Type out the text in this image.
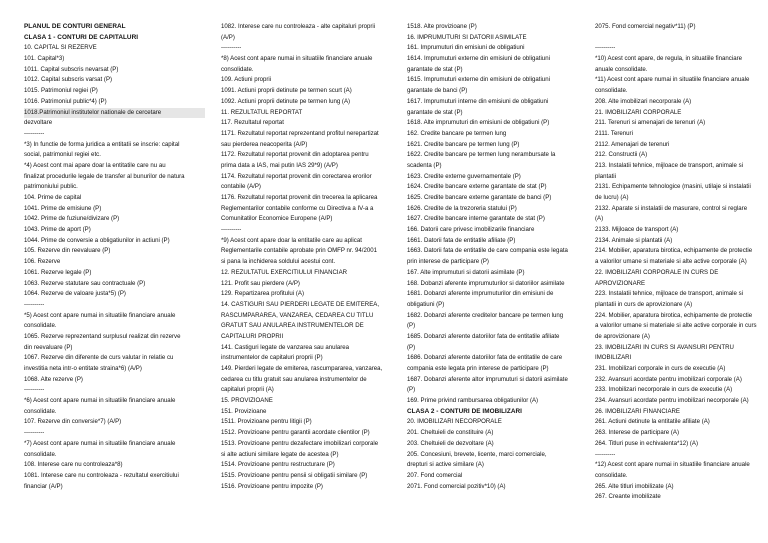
PLANUL DE CONTURI GENERAL
CLASA 1 - CONTURI DE CAPITALURI
10. CAPITAL SI REZERVE
101. Capital*3)
1011. Capital subscris nevarsat (P)
1012. Capital subscris varsat (P)
1015. Patrimoniul regiei (P)
1016. Patrimoniul public*4) (P)
1018.Patrimoniul institutelor nationale de cercetare
dezvoltare
----------
*3) In functie de forma juridica a entitatii se inscrie: capital
social, patrimoniul regiei etc.
*4) Acest cont mai apare doar la entitatile care nu au
finalizat procedurile legale de transfer al bunurilor de natura
patrimoniului public.
104. Prime de capital
1041. Prime de emisiune (P)
1042. Prime de fuziune/divizare (P)
1043. Prime de aport (P)
1044. Prime de conversie a obligatiunilor in actiuni (P)
105. Rezerve din reevaluare (P)
106. Rezerve
1061. Rezerve legale (P)
1063. Rezerve statutare sau contractuale (P)
1064. Rezerve de valoare justa*5) (P)
----------
*5) Acest cont apare numai in situatiile financiare anuale
consolidate.
1065. Rezerve reprezentand surplusul realizat din rezerve
din reevaluare (P)
1067. Rezerve din diferente de curs valutar in relatie cu
investitia neta intr-o entitate straina*6) (A/P)
1068. Alte rezerve (P)
----------
*6) Acest cont apare numai in situatiile financiare anuale
consolidate.
107. Rezerve din conversie*7) (A/P)
----------
*7) Acest cont apare numai in situatiile financiare anuale
consolidate.
108. Interese care nu controleaza*8)
1081. Interese care nu controleaza - rezultatul exercitiului
financiar (A/P)
1082. Interese care nu controleaza - alte capitaluri proprii
(A/P)
----------
*8) Acest cont apare numai in situatiile financiare anuale
consolidate.
109. Actiuni proprii
1091. Actiuni proprii detinute pe termen scurt (A)
1092. Actiuni proprii detinute pe termen lung (A)
11. REZULTATUL REPORTAT
117. Rezultatul reportat
1171. Rezultatul reportat reprezentand profitul nerepartizat
sau pierderea neacoperita (A/P)
1172. Rezultatul reportat provenit din adoptarea pentru
prima data a IAS, mai putin IAS 29*9) (A/P)
1174. Rezultatul reportat provenit din corectarea erorilor
contabile (A/P)
1176. Rezultatul reportat provenit din trecerea la aplicarea
Reglementarilor contabile conforme cu Directiva a IV-a a
Comunitatilor Economice Europene (A/P)
----------
*9) Acest cont apare doar la entitatile care au aplicat
Reglementarile contabile aprobate prin OMFP nr. 94/2001
si pana la inchiderea soldului acestui cont.
12. REZULTATUL EXERCITIULUI FINANCIAR
121. Profit sau pierdere (A/P)
129. Repartizarea profitului (A)
14. CASTIGURI SAU PIERDERI LEGATE DE EMITEREA,
RASCUMPARAREA, VANZAREA, CEDAREA CU TITLU
GRATUIT SAU ANULAREA INSTRUMENTELOR DE
CAPITALURI PROPRII
141. Castiguri legate de vanzarea sau anularea
instrumentelor de capitaluri proprii (P)
149. Pierderi legate de emiterea, rascumpararea, vanzarea,
cedarea cu titlu gratuit sau anularea instrumentelor de
capitaluri proprii (A)
15. PROVIZIOANE
151. Provizioane
1511. Provizioane pentru litigii (P)
1512. Provizioane pentru garantii acordate clientilor (P)
1513. Provizioane pentru dezafectare imobilizari corporale
si alte actiuni similare legate de acestea (P)
1514. Provizioane pentru restructurare (P)
1515. Provizioane pentru pensii si obligatii similare (P)
1516. Provizioane pentru impozite (P)
1518. Alte provizioane (P)
16. IMPRUMUTURI SI DATORII ASIMILATE
161. Imprumuturi din emisiuni de obligatiuni
1614. Imprumuturi externe din emisiuni de obligatiuni
garantate de stat (P)
1615. Imprumuturi externe din emisiuni de obligatiuni
garantate de banci (P)
1617. Imprumuturi interne din emisiuni de obligatiuni
garantate de stat (P)
1618. Alte imprumuturi din emisiuni de obligatiuni (P)
162. Credite bancare pe termen lung
1621. Credite bancare pe termen lung (P)
1622. Credite bancare pe termen lung nerambursate la
scadenta (P)
1623. Credite externe guvernamentale (P)
1624. Credite bancare externe garantate de stat (P)
1625. Credite bancare externe garantate de banci (P)
1626. Credite de la trezoreria statului (P)
1627. Credite bancare interne garantate de stat (P)
166. Datorii care privesc imobilizarile financiare
1661. Datorii fata de entitatile afiliate (P)
1663. Datorii fata de entitatile de care compania este legata
prin interese de participare (P)
167. Alte imprumuturi si datorii asimilate (P)
168. Dobanzi aferente imprumuturilor si datoriilor asimilate
1681. Dobanzi aferente imprumuturilor din emisiuni de
obligatiuni (P)
1682. Dobanzi aferente creditelor bancare pe termen lung
(P)
1685. Dobanzi aferente datoriilor fata de entitatile afiliate
(P)
1686. Dobanzi aferente datoriilor fata de entitatile de care
compania este legata prin interese de participare (P)
1687. Dobanzi aferente altor imprumuturi si datorii asimilate
(P)
169. Prime privind rambursarea obligatiunilor (A)
CLASA 2 - CONTURI DE IMOBILIZARI
20. IMOBILIZARI NECORPORALE
201. Cheltuieli de constituire (A)
203. Cheltuieli de dezvoltare (A)
205. Concesiuni, brevete, licente, marci comerciale,
drepturi si active similare (A)
207. Fond comercial
2071. Fond comercial pozitiv*10) (A)
2075. Fond comercial negativ*11) (P)
----------
*10) Acest cont apare, de regula, in situatiile financiare
anuale consolidate.
*11) Acest cont apare numai in situatiile financiare anuale
consolidate.
208. Alte imobilizari necorporale (A)
21. IMOBILIZARI CORPORALE
211. Terenuri si amenajari de terenuri (A)
2111. Terenuri
2112. Amenajari de terenuri
212. Constructii (A)
213. Instalatii tehnice, mijloace de transport, animale si
plantatii
2131. Echipamente tehnologice (masini, utilaje si instalatii
de lucru) (A)
2132. Aparate si instalatii de masurare, control si reglare
(A)
2133. Mijloace de transport (A)
2134. Animale si plantatii (A)
214. Mobilier, aparatura birotica, echipamente de protectie
a valorilor umane si materiale si alte active corporale (A)
22. IMOBILIZARI CORPORALE IN CURS DE
APROVIZIONARE
223. Instalatii tehnice, mijloace de transport, animale si
plantatii in curs de aprovizionare (A)
224. Mobilier, aparatura birotica, echipamente de protectie
a valorilor umane si materiale si alte active corporale in curs
de aprovizionare (A)
23. IMOBILIZARI IN CURS SI AVANSURI PENTRU
IMOBILIZARI
231. Imobilizari corporale in curs de executie (A)
232. Avansuri acordate pentru imobilizari corporale (A)
233. Imobilizari necorporale in curs de executie (A)
234. Avansuri acordate pentru imobilizari necorporale (A)
26. IMOBILIZARI FINANCIARE
261. Actiuni detinute la entitatile afiliate (A)
263. Interese de participare (A)
264. Titluri puse in echivalenta*12) (A)
----------
*12) Acest cont apare numai in situatiile financiare anuale
consolidate.
265. Alte titluri imobilizate (A)
267. Creante imobilizate
